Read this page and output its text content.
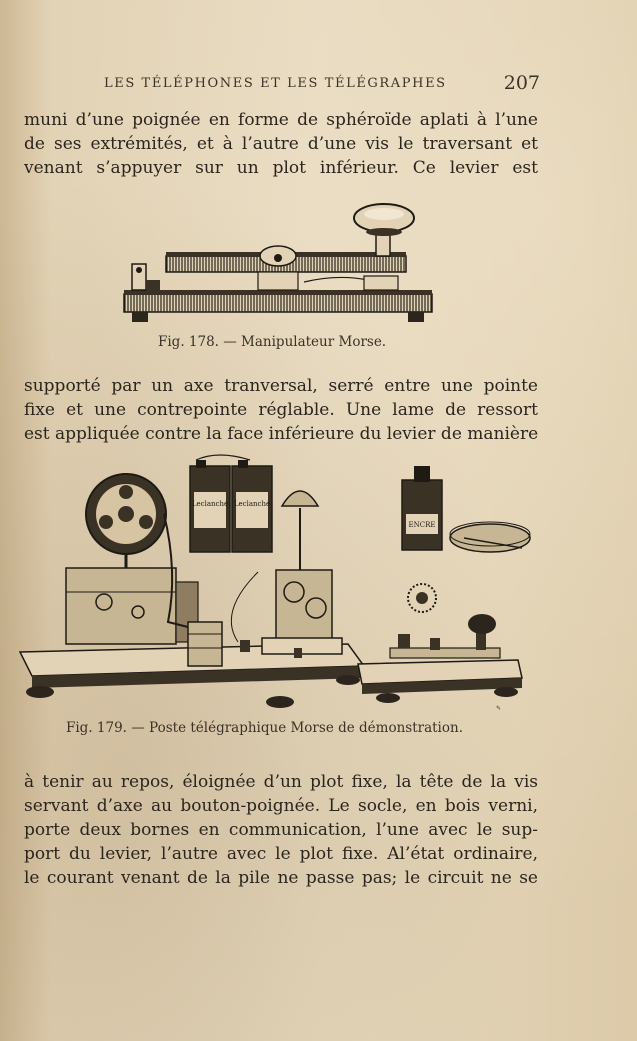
LES TÉLÉPHONES ET LES TÉLÉGRAPHES	207
muni d’une poignée en forme de sphéroïde aplati à l’une
de ses extrémités, et à l’autre d’une vis le traversant et
venant s’appuyer sur un plot inférieur. Ce levier est
Fig. 178. — Manipulateur Morse.
supporté par un axe tranversal, serré entre une pointe
fixe et une contrepointe réglable. Une lame de ressort
est appliquée contre la face inférieure du levier de manière
Leclanché Leclanché
ENCRE
✎
Fig. 179. — Poste télégraphique Morse de démonstration.
à tenir au repos, éloignée d’un plot fixe, la tête de la vis
servant d’axe au bouton-poignée. Le socle, en bois verni,
porte deux bornes en communication, l’une avec le sup-
port du levier, l’autre avec le plot fixe. Al’état ordinaire,
le courant venant de la pile ne passe pas; le circuit ne se
